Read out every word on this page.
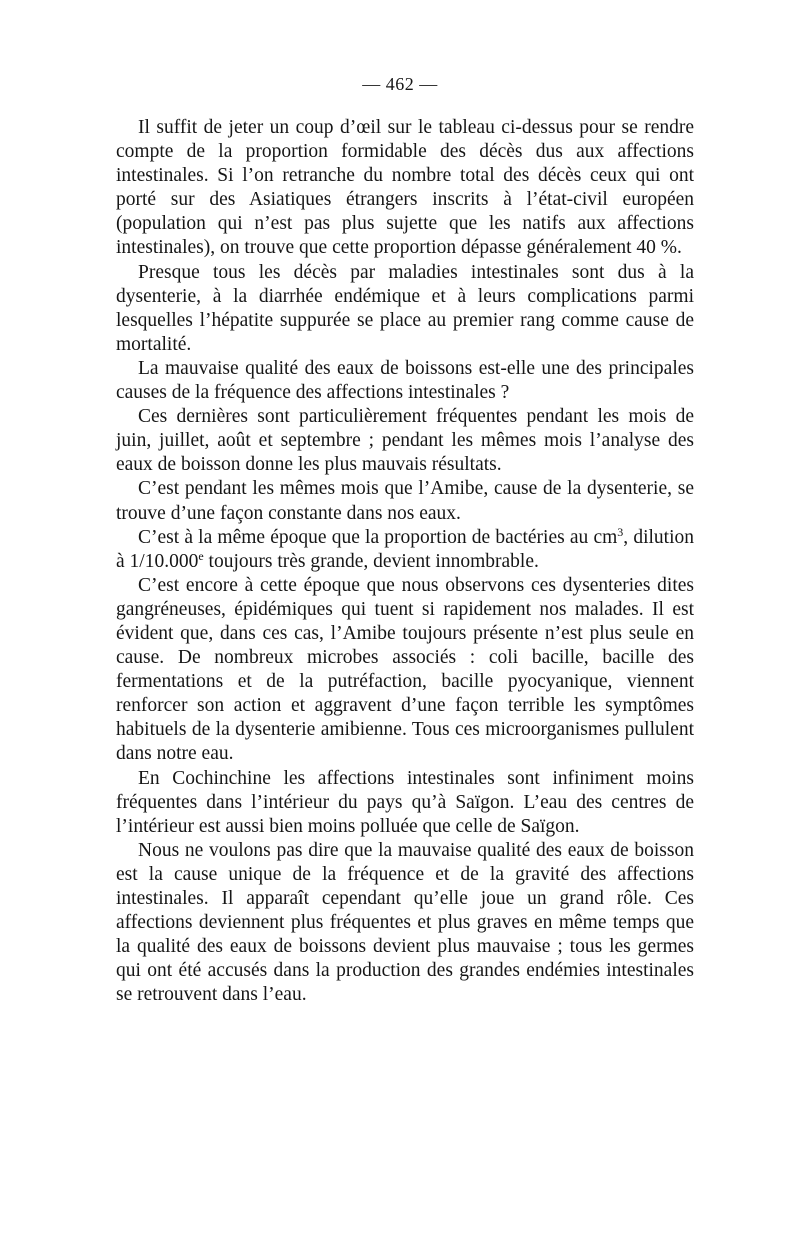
— 462 —

Il suffit de jeter un coup d’œil sur le tableau ci-dessus pour se rendre compte de la proportion formidable des décès dus aux affections intestinales. Si l’on retranche du nombre total des décès ceux qui ont porté sur des Asiatiques étrangers inscrits à l’état-civil européen (population qui n’est pas plus sujette que les natifs aux affections intestinales), on trouve que cette proportion dépasse généralement 40 %.

Presque tous les décès par maladies intestinales sont dus à la dysenterie, à la diarrhée endémique et à leurs complications parmi lesquelles l’hépatite suppurée se place au premier rang comme cause de mortalité.

La mauvaise qualité des eaux de boissons est-elle une des principales causes de la fréquence des affections intestinales ?

Ces dernières sont particulièrement fréquentes pendant les mois de juin, juillet, août et septembre ; pendant les mêmes mois l’analyse des eaux de boisson donne les plus mauvais résultats.

C’est pendant les mêmes mois que l’Amibe, cause de la dysenterie, se trouve d’une façon constante dans nos eaux.

C’est à la même époque que la proportion de bactéries au $cm^3$, dilution à 1/10.000e toujours très grande, devient innombrable.

C’est encore à cette époque que nous observons ces dysenteries dites gangréneuses, épidémiques qui tuent si rapidement nos malades. Il est évident que, dans ces cas, l’Amibe toujours présente n’est plus seule en cause. De nombreux microbes associés : coli bacille, bacille des fermentations et de la putréfaction, bacille pyocyanique, viennent renforcer son action et aggravent d’une façon terrible les symptômes habituels de la dysenterie amibienne. Tous ces microorganismes pullulent dans notre eau.

En Cochinchine les affections intestinales sont infiniment moins fréquentes dans l’intérieur du pays qu’à Saïgon. L’eau des centres de l’intérieur est aussi bien moins polluée que celle de Saïgon.

Nous ne voulons pas dire que la mauvaise qualité des eaux de boisson est la cause unique de la fréquence et de la gravité des affections intestinales. Il apparaît cependant qu’elle joue un grand rôle. Ces affections deviennent plus fréquentes et plus graves en même temps que la qualité des eaux de boissons devient plus mauvaise ; tous les germes qui ont été accusés dans la production des grandes endémies intestinales se retrouvent dans l’eau.
